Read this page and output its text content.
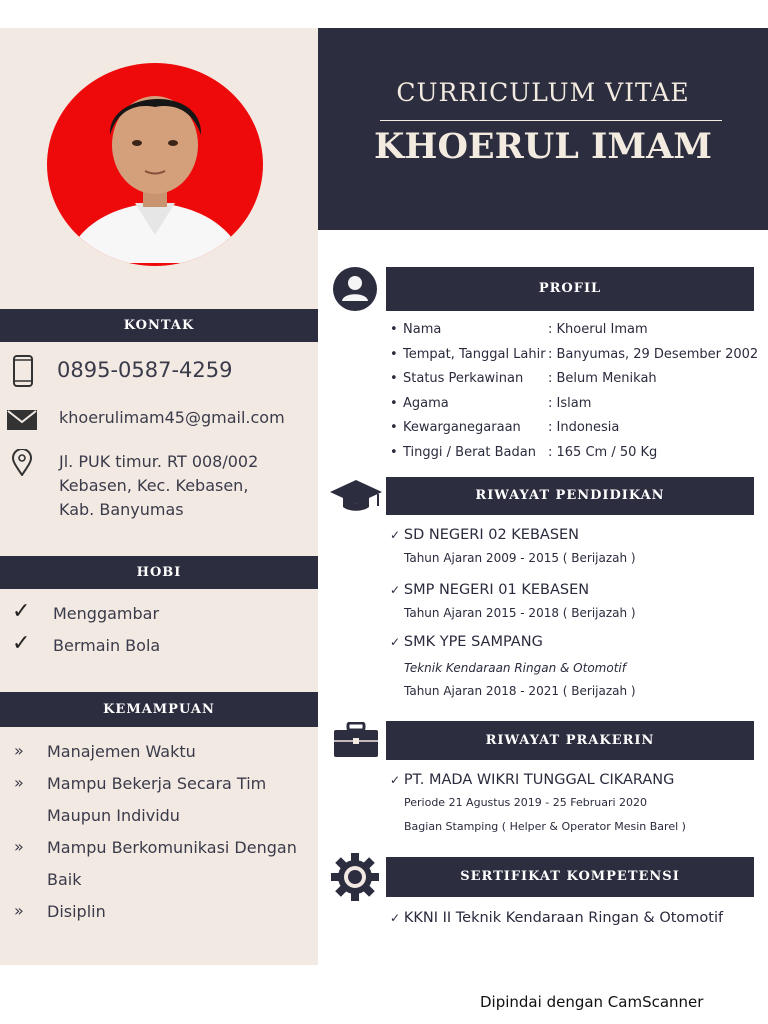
KONTAK
0895-0587-4259
khoerulimam45@gmail.com
Jl. PUK timur. RT 008/002
Kebasen, Kec. Kebasen,
Kab. Banyumas
HOBI
✓ Menggambar
✓ Bermain Bola
KEMAMPUAN
» Manajemen Waktu
» Mampu Bekerja Secara Tim
Maupun Individu
» Mampu Berkomunikasi Dengan
Baik
» Disiplin
CURRICULUM VITAE
KHOERUL IMAM
PROFIL
• Nama	: Khoerul Imam
• Tempat, Tanggal Lahir : Banyumas, 29 Desember 2002
• Status Perkawinan : Belum Menikah
• Agama	: Islam
• Kewarganegaraan : Indonesia
• Tinggi / Berat Badan : 165 Cm / 50 Kg
RIWAYAT PENDIDIKAN
✓ SD NEGERI 02 KEBASEN
Tahun Ajaran 2009 - 2015 ( Berijazah )
✓ SMP NEGERI 01 KEBASEN
Tahun Ajaran 2015 - 2018 ( Berijazah )
✓ SMK YPE SAMPANG
Teknik Kendaraan Ringan & Otomotif
Tahun Ajaran 2018 - 2021 ( Berijazah )
RIWAYAT PRAKERIN
✓ PT. MADA WIKRI TUNGGAL CIKARANG
Periode 21 Agustus 2019 - 25 Februari 2020
Bagian Stamping ( Helper & Operator Mesin Barel )
SERTIFIKAT KOMPETENSI
✓ KKNI II Teknik Kendaraan Ringan & Otomotif
Dipindai dengan CamScanner
